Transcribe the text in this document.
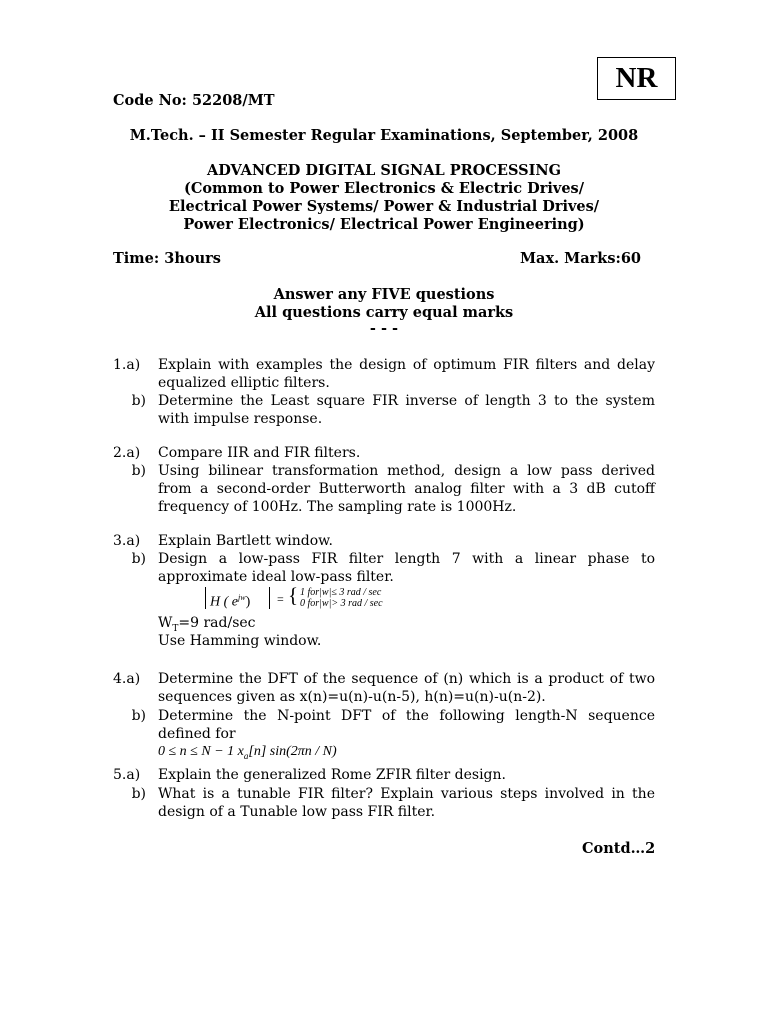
NR
Code No: 52208/MT
M.Tech. – II Semester Regular Examinations, September, 2008
ADVANCED DIGITAL SIGNAL PROCESSING
(Common to Power Electronics & Electric Drives/
Electrical Power Systems/ Power & Industrial Drives/
Power Electronics/ Electrical Power Engineering)
Time: 3hours	Max. Marks:60
Answer any FIVE questions
All questions carry equal marks
- - -
1.a)	Explain with examples the design of optimum FIR filters and delay
equalized elliptic filters.
b) Determine the Least square FIR inverse of length 3 to the system
with impulse response.
2.a)	Compare IIR and FIR filters.
b) Using bilinear transformation method, design a low pass derived
from a second-order Butterworth analog filter with a 3 dB cutoff
frequency of 100Hz. The sampling rate is 1000Hz.
3.a)	Explain Bartlett window.
b) Design a low-pass FIR filter length 7 with a linear phase to
approximate ideal low-pass filter.
H ( $e^{jw}$) = { 1 for|w|≤ 3 rad / sec
0 for|w|> 3 rad / sec
$W_T=9$ rad/sec
Use Hamming window.
4.a)	Determine the DFT of the sequence of (n) which is a product of two
sequences given as x(n)=u(n)-u(n-5), h(n)=u(n)-u(n-2).
b) Determine the N-point DFT of the following length-N sequence
defined for
0 ≤ n ≤ N − 1 $x_a[n]$ sin(2πn / N)
5.a)	Explain the generalized Rome ZFIR filter design.
b) What is a tunable FIR filter? Explain various steps involved in the
design of a Tunable low pass FIR filter.
Contd…2
